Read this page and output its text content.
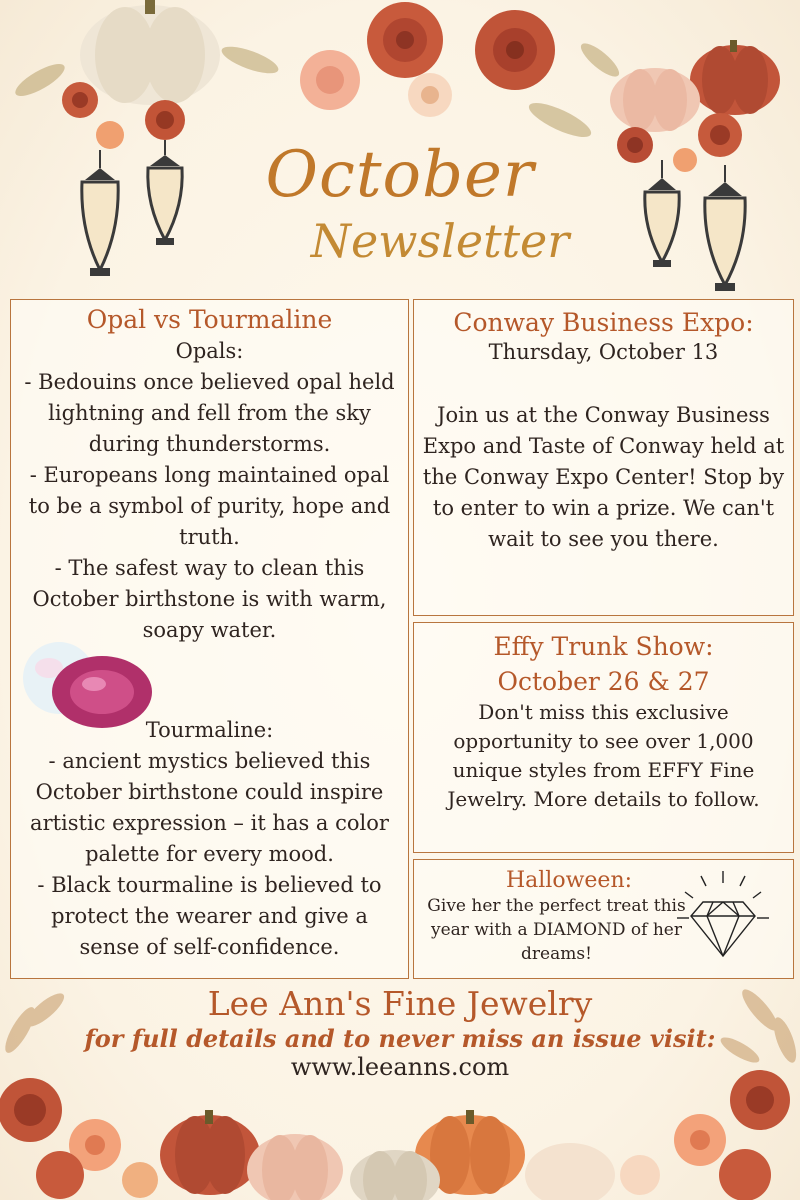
October
Newsletter
Opal vs Tourmaline
Opals:
- Bedouins once believed opal held lightning and fell from the sky during thunderstorms.
- Europeans long maintained opal to be a symbol of purity, hope and truth.
- The safest way to clean this October birthstone is with warm, soapy water.
Tourmaline:
- ancient mystics believed this October birthstone could inspire artistic expression – it has a color palette for every mood.
- Black tourmaline is believed to protect the wearer and give a sense of self-confidence.
Conway Business Expo:
Thursday, October 13
Join us at the Conway Business Expo and Taste of Conway held at the Conway Expo Center! Stop by to enter to win a prize. We can't wait to see you there.
Effy Trunk Show:
October 26 & 27
Don't miss this exclusive opportunity to see over 1,000 unique styles from EFFY Fine Jewelry. More details to follow.
Halloween:
Give her the perfect treat this year with a DIAMOND of her dreams!
Lee Ann's Fine Jewelry
for full details and to never miss an issue visit:
www.leeanns.com
